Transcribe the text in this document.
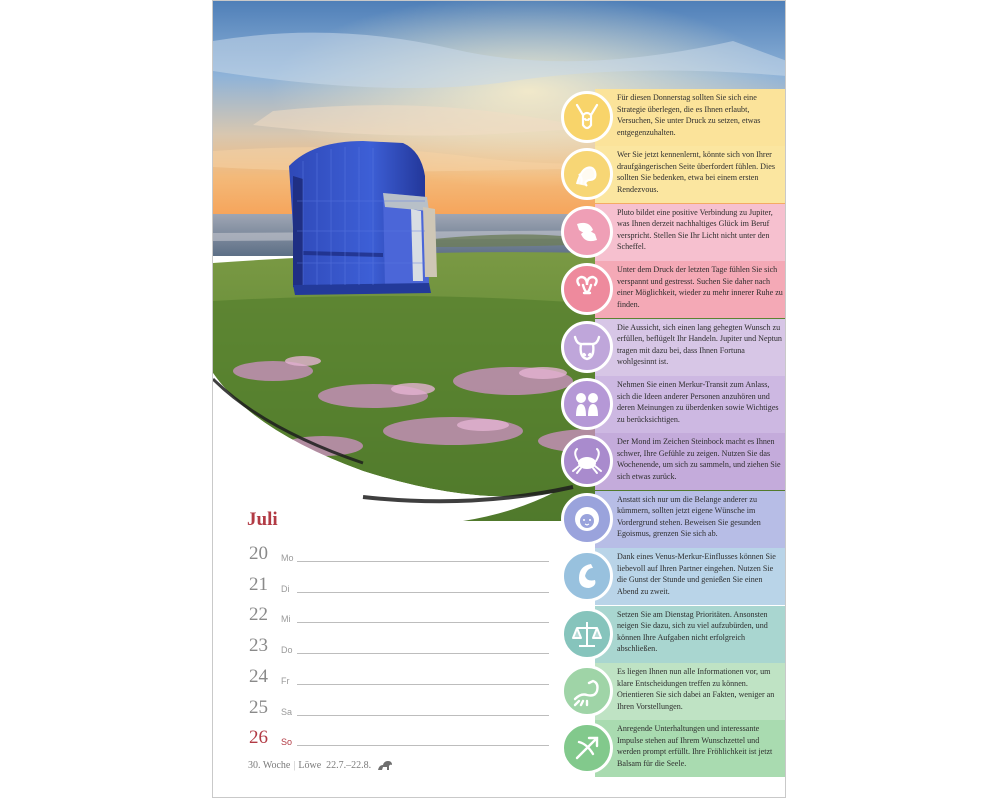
Juli
20 Mo
21 Di
22 Mi
23 Do
24 Fr
25 Sa
26 So
30. Woche | Löwe 22.7.–22.8.

Für diesen Donnerstag sollten Sie sich eine Strategie überlegen, die es Ihnen erlaubt, Versuchen, Sie unter Druck zu setzen, etwas entgegenzuhalten.

Wer Sie jetzt kennenlernt, könnte sich von Ihrer draufgängerischen Seite überfordert fühlen. Dies sollten Sie bedenken, etwa bei einem ersten Rendezvous.

Pluto bildet eine positive Verbindung zu Jupiter, was Ihnen derzeit nachhaltiges Glück im Beruf verspricht. Stellen Sie Ihr Licht nicht unter den Scheffel.

Unter dem Druck der letzten Tage fühlen Sie sich verspannt und gestresst. Suchen Sie daher nach einer Möglichkeit, wieder zu mehr innerer Ruhe zu finden.

Die Aussicht, sich einen lang gehegten Wunsch zu erfüllen, beflügelt Ihr Handeln. Jupiter und Neptun tragen mit dazu bei, dass Ihnen Fortuna wohlgesinnt ist.

Nehmen Sie einen Merkur-Transit zum Anlass, sich die Ideen anderer Personen anzuhören und deren Meinungen zu überdenken sowie Wichtiges zu berücksichtigen.

Der Mond im Zeichen Steinbock macht es Ihnen schwer, Ihre Gefühle zu zeigen. Nutzen Sie das Wochenende, um sich zu sammeln, und ziehen Sie sich etwas zurück.

Anstatt sich nur um die Belange anderer zu kümmern, sollten jetzt eigene Wünsche im Vordergrund stehen. Beweisen Sie gesunden Egoismus, grenzen Sie sich ab.

Dank eines Venus-Merkur-Einflusses können Sie liebevoll auf Ihren Partner eingehen. Nutzen Sie die Gunst der Stunde und genießen Sie einen Abend zu zweit.

Setzen Sie am Dienstag Prioritäten. Ansonsten neigen Sie dazu, sich zu viel aufzubürden, und können Ihre Aufgaben nicht erfolgreich abschließen.

Es liegen Ihnen nun alle Informationen vor, um klare Entscheidungen treffen zu können. Orientieren Sie sich dabei an Fakten, weniger an Ihren Vorstellungen.

Anregende Unterhaltungen und interessante Impulse stehen auf Ihrem Wunschzettel und werden prompt erfüllt. Ihre Fröhlichkeit ist jetzt Balsam für die Seele.
